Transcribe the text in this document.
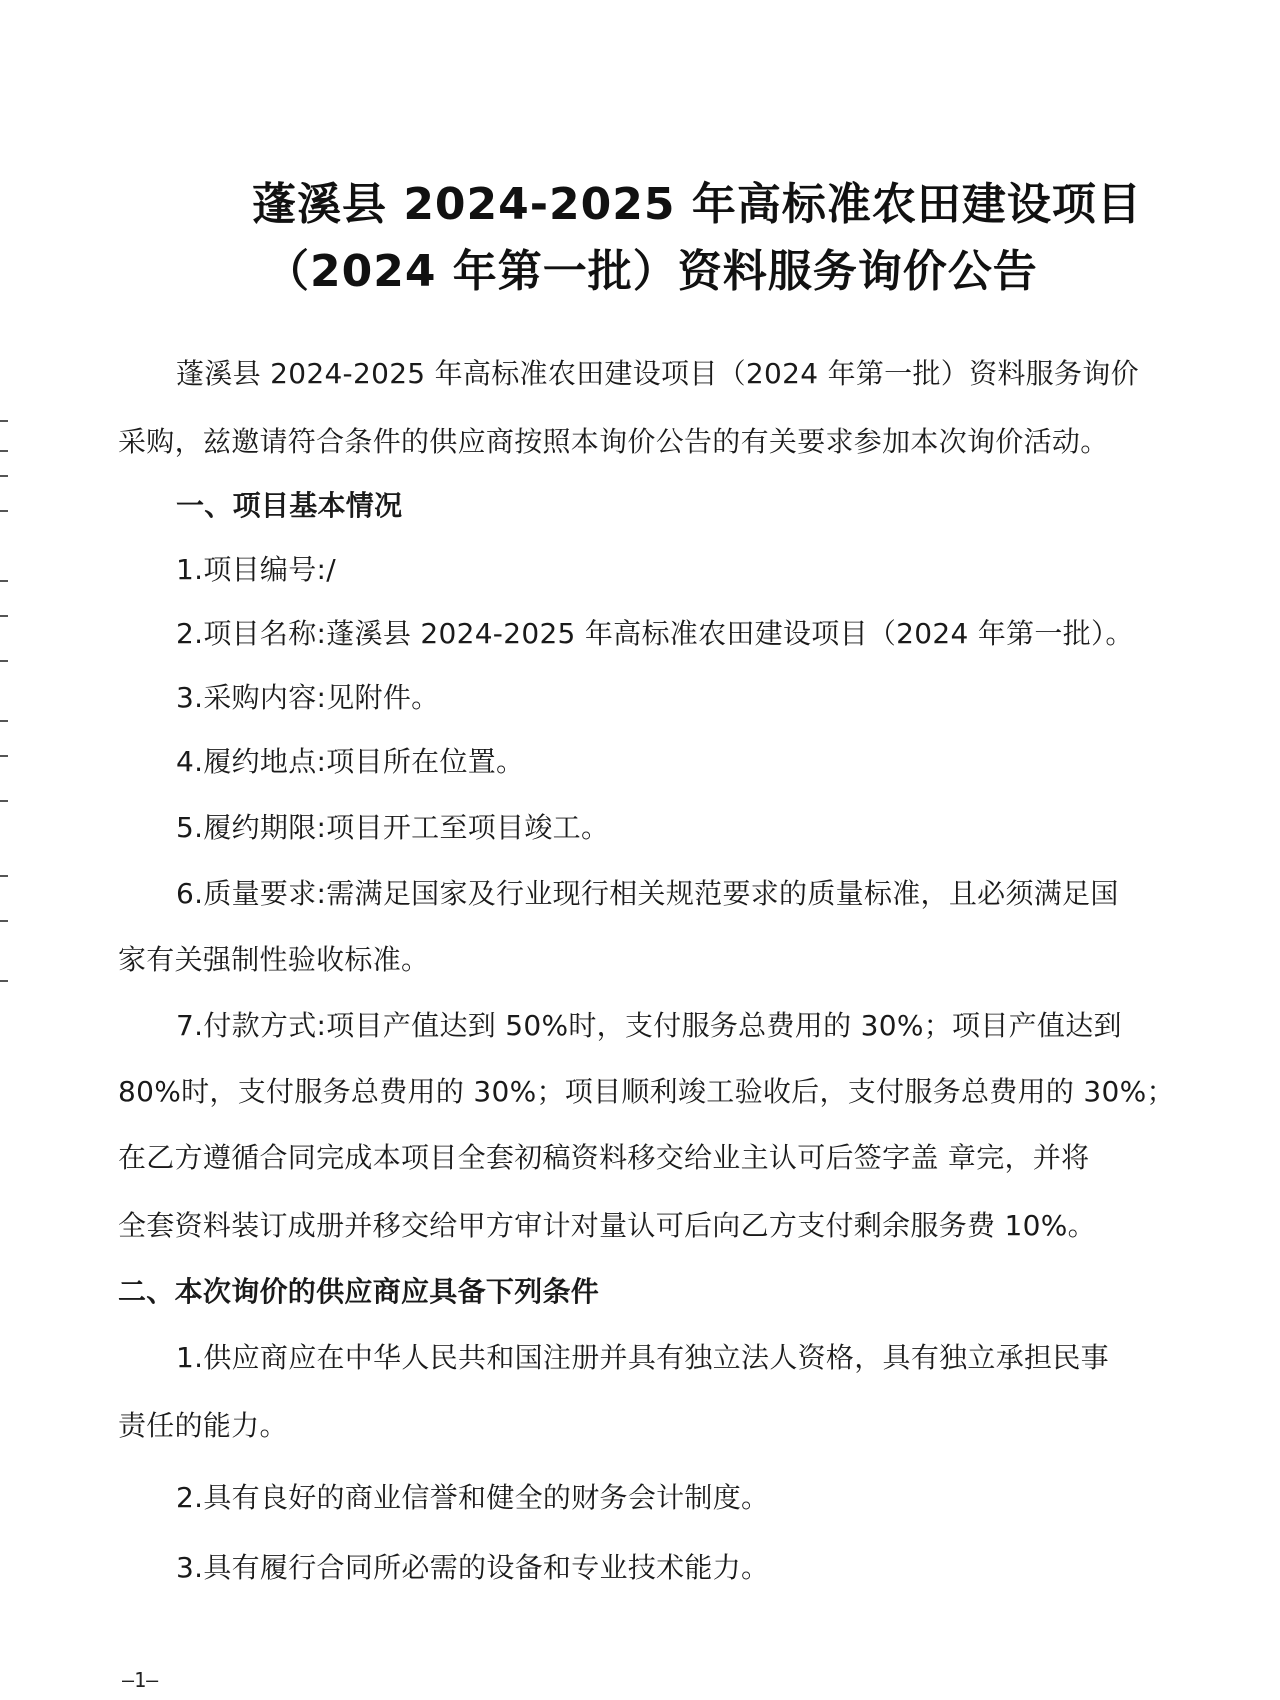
蓬溪县 2024-2025 年高标准农田建设项目
（2024 年第一批）资料服务询价公告
蓬溪县 2024-2025 年高标准农田建设项目（2024 年第一批）资料服务询价
采购，兹邀请符合条件的供应商按照本询价公告的有关要求参加本次询价活动。
一、项目基本情况
1.项目编号:/
2.项目名称:蓬溪县 2024-2025 年高标准农田建设项目（2024 年第一批）。
3.采购内容:见附件。
4.履约地点:项目所在位置。
5.履约期限:项目开工至项目竣工。
6.质量要求:需满足国家及行业现行相关规范要求的质量标准，且必须满足国
家有关强制性验收标准。
7.付款方式:项目产值达到 50%时，支付服务总费用的 30%；项目产值达到
80%时，支付服务总费用的 30%；项目顺利竣工验收后，支付服务总费用的 30%；
在乙方遵循合同完成本项目全套初稿资料移交给业主认可后签字盖 章完，并将
全套资料装订成册并移交给甲方审计对量认可后向乙方支付剩余服务费 10%。
二、本次询价的供应商应具备下列条件
1.供应商应在中华人民共和国注册并具有独立法人资格，具有独立承担民事
责任的能力。
2.具有良好的商业信誉和健全的财务会计制度。
3.具有履行合同所必需的设备和专业技术能力。
—1—
